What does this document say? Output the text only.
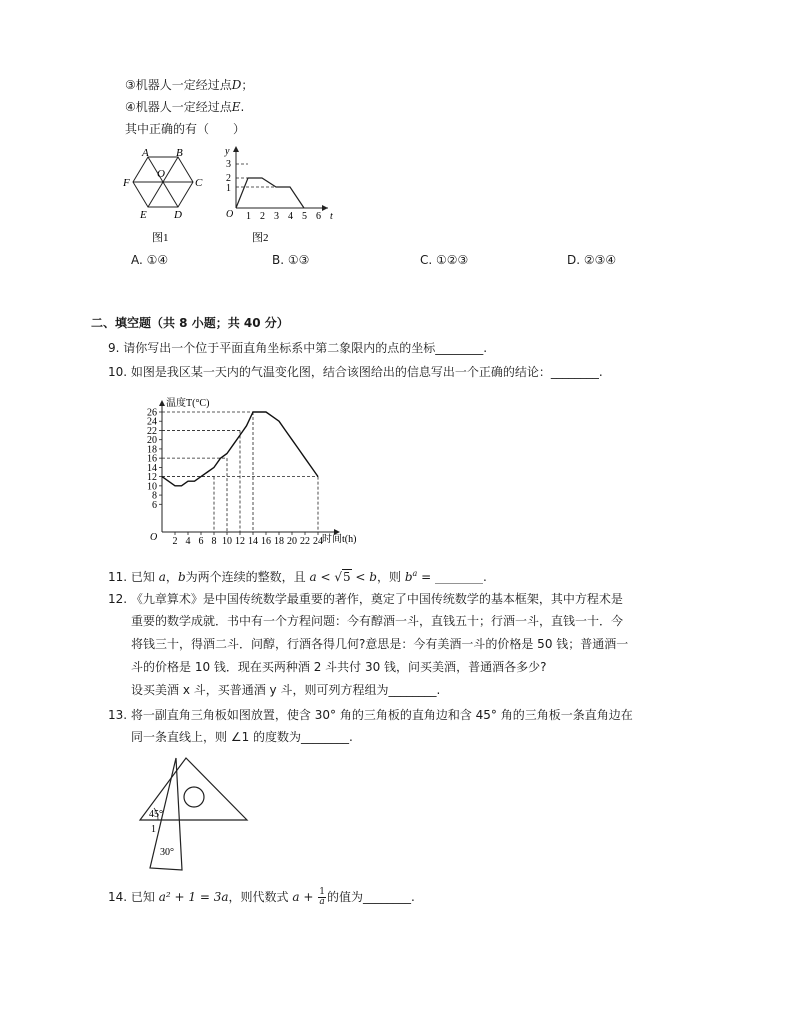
③机器人一定经过点D；
④机器人一定经过点E.
其中正确的有（　　）
A B
C
D
E
F
O
图1
y
1
2
3
O 1 2 3 4 5 6 t
图2
A. ①④	B. ①③	C. ①②③	D. ②③④
二、填空题（共 8 小题；共 40 分）
9. 请你写出一个位于平面直角坐标系中第二象限内的点的坐标________.
10. 如图是我区某一天内的气温变化图，结合该图给出的信息写出一个正确的结论：________.
温度T(°C)
时间t(h)
O
6
8
10
12
14
16
18
20
22
24
26
2 4 6 8 10 12 14 16 18 20 22 24
11. 已知 a，b为两个连续的整数，且 a < √5 < b，则 $b^a$ = ________.
12. 《九章算术》是中国传统数学最重要的著作，奠定了中国传统数学的基本框架，其中方程术是
重要的数学成就．书中有一个方程问题：今有醇酒一斗，直钱五十；行酒一斗，直钱一十．今
将钱三十，得酒二斗．问醇，行酒各得几何?意思是：今有美酒一斗的价格是 50 钱；普通酒一
斗的价格是 10 钱．现在买两种酒 2 斗共付 30 钱，问买美酒，普通酒各多少?
设买美酒 x 斗，买普通酒 y 斗，则可列方程组为________.
13. 将一副直角三角板如图放置，使含 30° 角的三角板的直角边和含 45° 角的三角板一条直角边在
同一条直线上，则 ∠1 的度数为________.
45°
1
30°
14. 已知 a² + 1 = 3a，则代数式 $a + \frac{1}{a}$ 的值为________.
